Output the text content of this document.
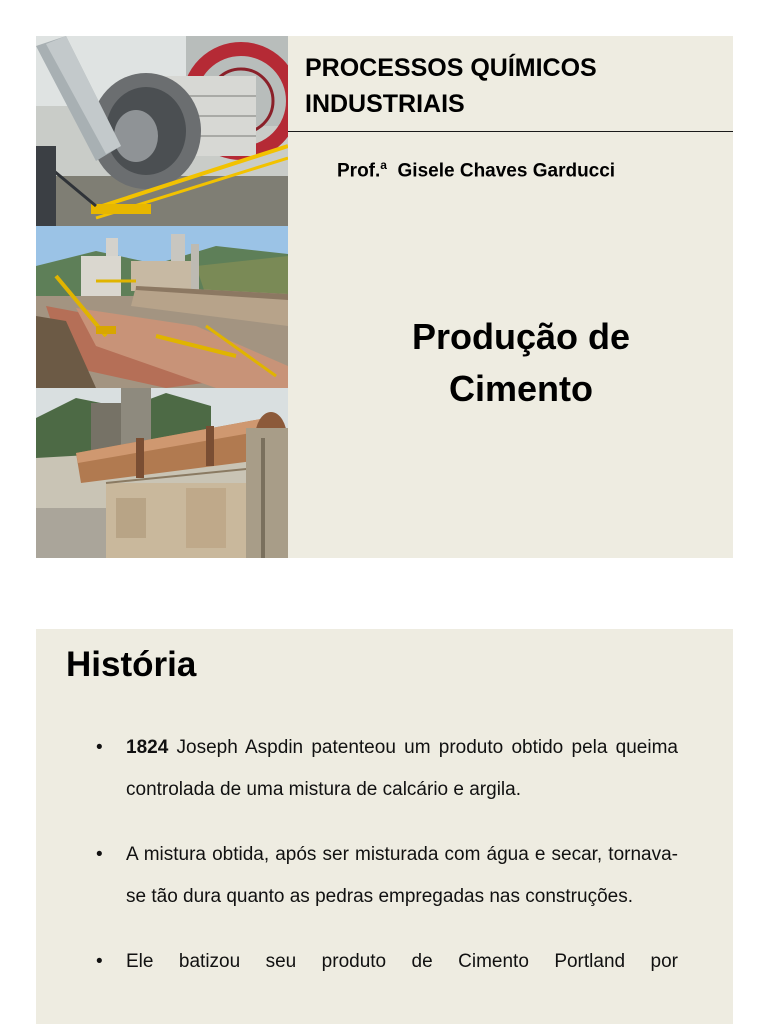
PROCESSOS QUÍMICOS INDUSTRIAIS
Prof.$^a$ Gisele Chaves Garducci
Produção de Cimento
História
• 1824 Joseph Aspdin patenteou um produto obtido pela queima controlada de uma mistura de calcário e argila.
• A mistura obtida, após ser misturada com água e secar, tornava-se tão dura quanto as pedras empregadas nas construções.
• Ele batizou seu produto de Cimento Portland por
